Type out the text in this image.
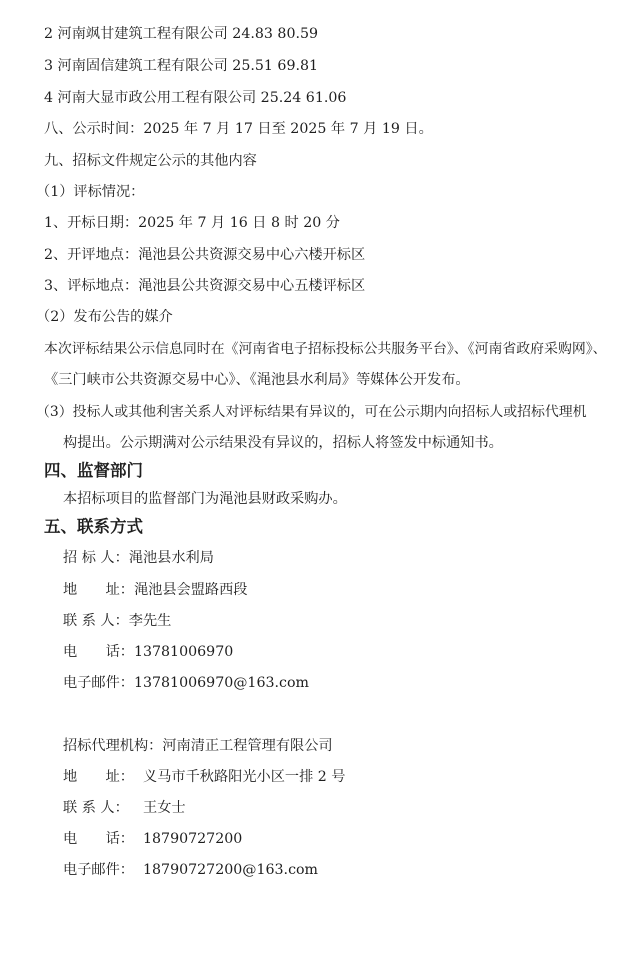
2 河南飒甘建筑工程有限公司 24.83 80.59
3 河南固信建筑工程有限公司 25.51 69.81
4 河南大显市政公用工程有限公司 25.24 61.06
八、公示时间：2025 年 7 月 17 日至 2025 年 7 月 19 日。
九、招标文件规定公示的其他内容
（1）评标情况：
1、开标日期：2025 年 7 月 16 日 8 时 20 分
2、开评地点：渑池县公共资源交易中心六楼开标区
3、评标地点：渑池县公共资源交易中心五楼评标区
（2）发布公告的媒介
本次评标结果公示信息同时在《河南省电子招标投标公共服务平台》、《河南省政府采购网》、
《三门峡市公共资源交易中心》、《渑池县水利局》等媒体公开发布。
（3）投标人或其他利害关系人对评标结果有异议的，可在公示期内向招标人或招标代理机
构提出。公示期满对公示结果没有异议的，招标人将签发中标通知书。
四、监督部门
本招标项目的监督部门为渑池县财政采购办。
五、联系方式
招 标 人：渑池县水利局
地　　址：渑池县会盟路西段
联 系 人：李先生
电　　话：13781006970
电子邮件：13781006970@163.com
招标代理机构：河南清正工程管理有限公司
地　　址： 义马市千秋路阳光小区一排 2 号
联 系 人： 王女士
电　　话： 18790727200
电子邮件： 18790727200@163.com
